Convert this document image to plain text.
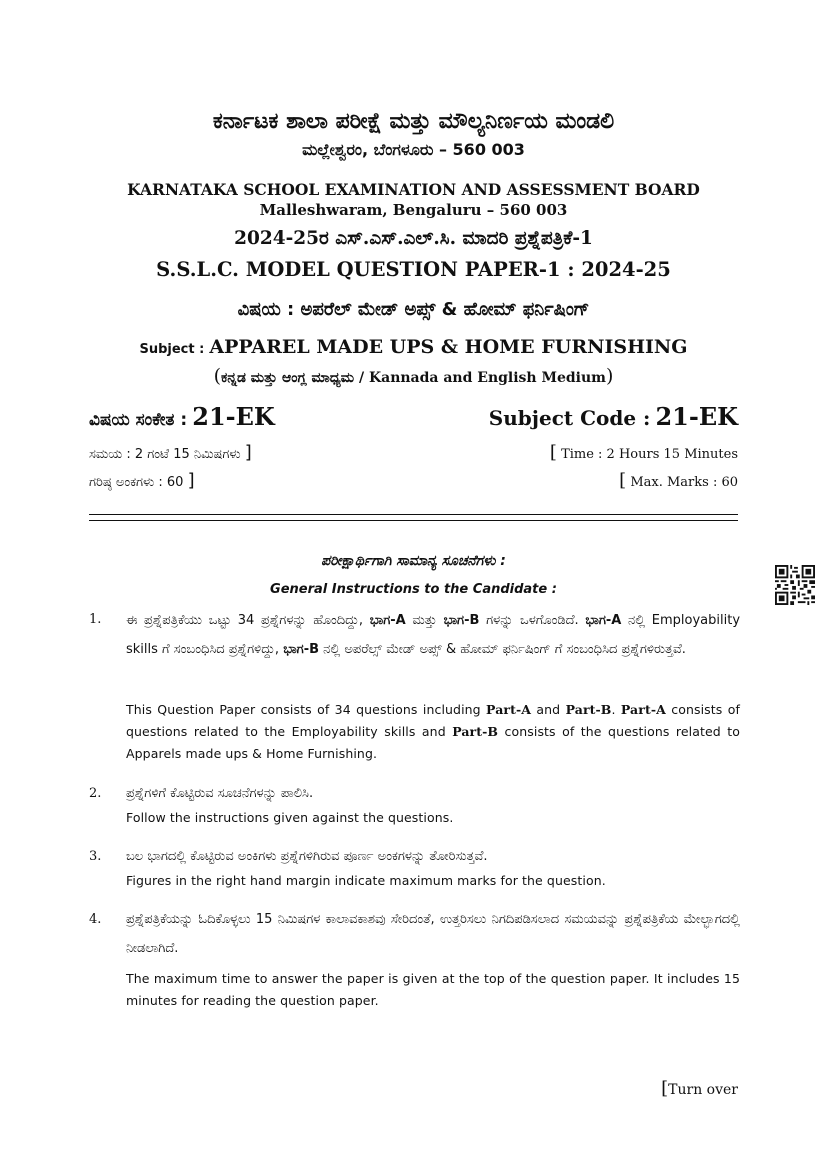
ಕರ್ನಾಟಕ ಶಾಲಾ ಪರೀಕ್ಷೆ ಮತ್ತು ಮೌಲ್ಯನಿರ್ಣಯ ಮಂಡಲಿ
ಮಲ್ಲೇಶ್ವರಂ, ಬೆಂಗಳೂರು – 560 003
KARNATAKA SCHOOL EXAMINATION AND ASSESSMENT BOARD
Malleshwaram, Bengaluru – 560 003
2024-25ರ ಎಸ್.ಎಸ್.ಎಲ್.ಸಿ. ಮಾದರಿ ಪ್ರಶ್ನೆಪತ್ರಿಕೆ-1
S.S.L.C. MODEL QUESTION PAPER-1 : 2024-25
ವಿಷಯ : ಅಪರೆಲ್ ಮೇಡ್ ಅಪ್ಸ್ & ಹೋಮ್ ಫರ್ನಿಷಿಂಗ್
Subject : APPAREL MADE UPS & HOME FURNISHING
(ಕನ್ನಡ ಮತ್ತು ಆಂಗ್ಲ ಮಾಧ್ಯಮ / Kannada and English Medium)
ವಿಷಯ ಸಂಕೇತ : 21-EK	Subject Code : 21-EK
ಸಮಯ : 2 ಗಂಟೆ 15 ನಿಮಿಷಗಳು ]	[ Time : 2 Hours 15 Minutes
ಗರಿಷ್ಠ ಅಂಕಗಳು : 60 ]	[ Max. Marks : 60
ಪರೀಕ್ಷಾರ್ಥಿಗಾಗಿ ಸಾಮಾನ್ಯ ಸೂಚನೆಗಳು :
General Instructions to the Candidate :
1. ಈ ಪ್ರಶ್ನೆಪತ್ರಿಕೆಯು ಒಟ್ಟು 34 ಪ್ರಶ್ನೆಗಳನ್ನು ಹೊಂದಿದ್ದು, ಭಾಗ-A ಮತ್ತು ಭಾಗ-B ಗಳನ್ನು ಒಳಗೊಂಡಿದೆ. ಭಾಗ-A ನಲ್ಲಿ Employability skills ಗೆ ಸಂಬಂಧಿಸಿದ ಪ್ರಶ್ನೆಗಳಿದ್ದು, ಭಾಗ-B ನಲ್ಲಿ ಅಪರೆಲ್ಸ್ ಮೇಡ್ ಅಪ್ಸ್ & ಹೋಮ್ ಫರ್ನಿಷಿಂಗ್ ಗೆ ಸಂಬಂಧಿಸಿದ ಪ್ರಶ್ನೆಗಳಿರುತ್ತವೆ.
This Question Paper consists of 34 questions including Part-A and Part-B. Part-A consists of questions related to the Employability skills and Part-B consists of the questions related to Apparels made ups & Home Furnishing.
2. ಪ್ರಶ್ನೆಗಳಿಗೆ ಕೊಟ್ಟಿರುವ ಸೂಚನೆಗಳನ್ನು ಪಾಲಿಸಿ.
Follow the instructions given against the questions.
3. ಬಲ ಭಾಗದಲ್ಲಿ ಕೊಟ್ಟಿರುವ ಅಂಕಿಗಳು ಪ್ರಶ್ನೆಗಳಿಗಿರುವ ಪೂರ್ಣ ಅಂಕಗಳನ್ನು ತೋರಿಸುತ್ತವೆ.
Figures in the right hand margin indicate maximum marks for the question.
4. ಪ್ರಶ್ನೆಪತ್ರಿಕೆಯನ್ನು ಓದಿಕೊಳ್ಳಲು 15 ನಿಮಿಷಗಳ ಕಾಲಾವಕಾಶವು ಸೇರಿದಂತೆ, ಉತ್ತರಿಸಲು ನಿಗದಿಪಡಿಸಲಾದ ಸಮಯವನ್ನು ಪ್ರಶ್ನೆಪತ್ರಿಕೆಯ ಮೇಲ್ಭಾಗದಲ್ಲಿ ನೀಡಲಾಗಿದೆ.
The maximum time to answer the paper is given at the top of the question paper. It includes 15 minutes for reading the question paper.
[Turn over
